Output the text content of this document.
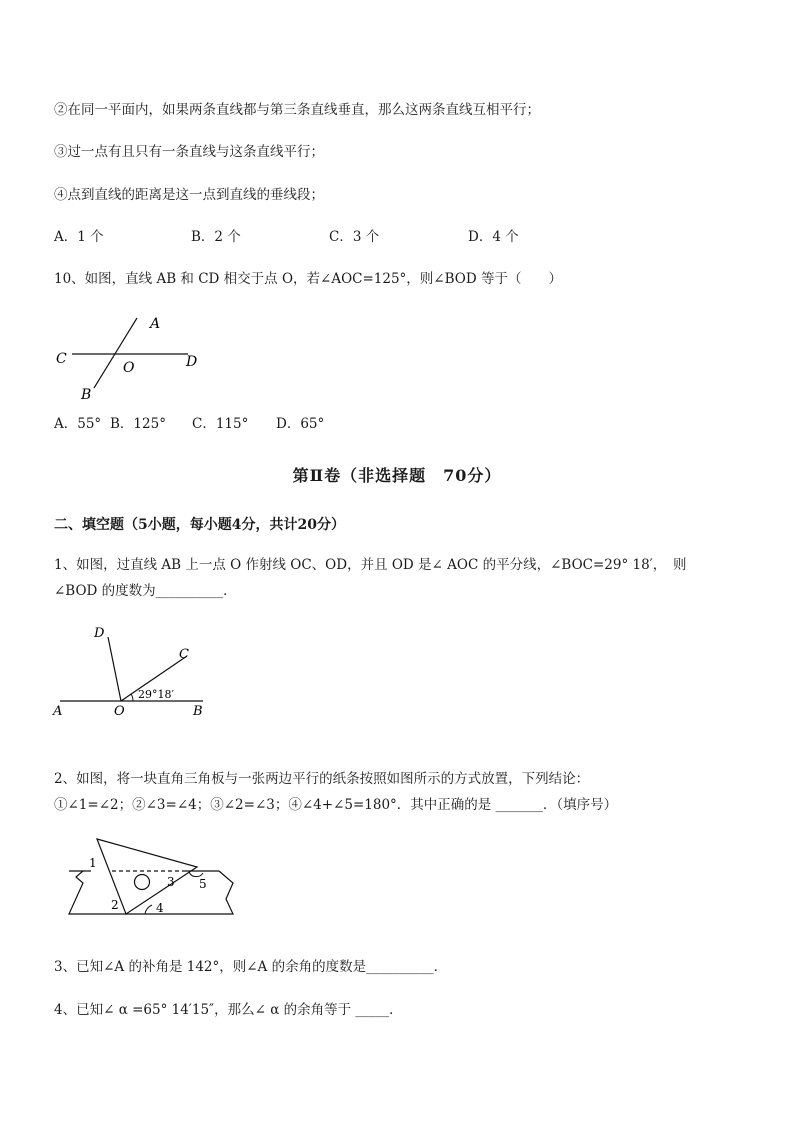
②在同一平面内，如果两条直线都与第三条直线垂直，那么这两条直线互相平行；
③过一点有且只有一条直线与这条直线平行；
④点到直线的距离是这一点到直线的垂线段；
A．1 个	B．2 个	C．3 个	D．4 个
10、如图，直线 AB 和 CD 相交于点 O，若∠AOC=125°，则∠BOD 等于（　　）
A
C	D
O
B
A．55° B．125° C．115° D．65°
第Ⅱ卷（非选择题　70分）
二、填空题（5小题，每小题4分，共计20分）
1、如图，过直线 AB 上一点 O 作射线 OC、OD，并且 OD 是∠ AOC 的平分线，∠BOC=29° 18′，　则
∠BOD 的度数为__________．
29°18′
D
C
A	O	B
2、如图，将一块直角三角板与一张两边平行的纸条按照如图所示的方式放置，下列结论：
①∠1=∠2；②∠3=∠4；③∠2=∠3；④∠4+∠5=180°．其中正确的是 _______．（填序号）
1
2
3
4
5
3、已知∠A 的补角是 142°，则∠A 的余角的度数是__________．
4、已知∠ α =65° 14′15″，那么∠ α 的余角等于 _____．
